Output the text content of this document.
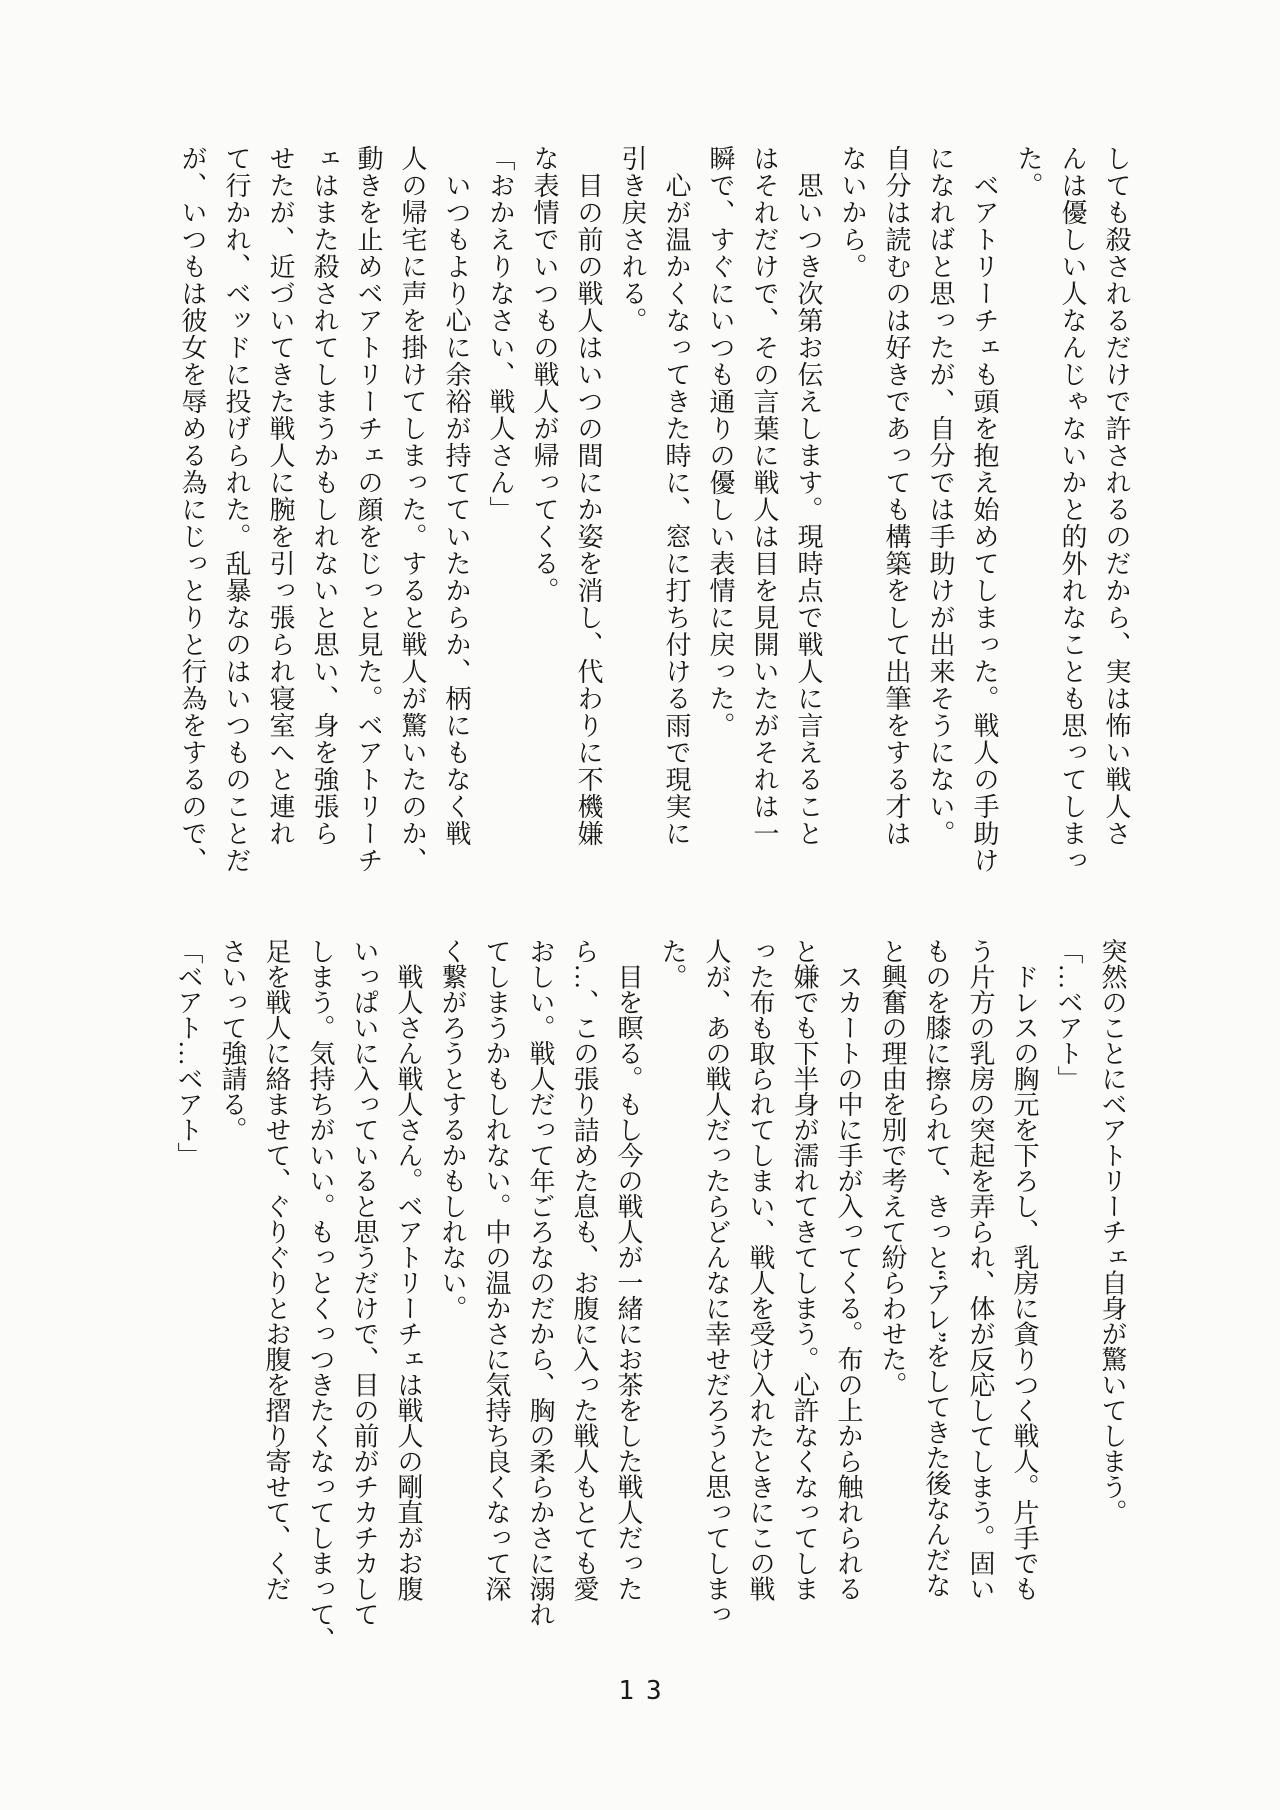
しても殺されるだけで許されるのだから、実は怖い戦人さ
んは優しい人なんじゃないかと的外れなことも思ってしまっ
た。
　ベアトリーチェも頭を抱え始めてしまった。戦人の手助け
になればと思ったが、自分では手助けが出来そうにない。
自分は読むのは好きであっても構築をして出筆をする才は
ないから。
　思いつき次第お伝えします。現時点で戦人に言えること
はそれだけで、その言葉に戦人は目を見開いたがそれは一
瞬で、すぐにいつも通りの優しい表情に戻った。
　心が温かくなってきた時に、窓に打ち付ける雨で現実に
引き戻される。
　目の前の戦人はいつの間にか姿を消し、代わりに不機嫌
な表情でいつもの戦人が帰ってくる。
「おかえりなさい、戦人さん」
　いつもより心に余裕が持てていたからか、柄にもなく戦
人の帰宅に声を掛けてしまった。すると戦人が驚いたのか、
動きを止めベアトリーチェの顔をじっと見た。ベアトリーチ
ェはまた殺されてしまうかもしれないと思い、身を強張ら
せたが、近づいてきた戦人に腕を引っ張られ寝室へと連れ
て行かれ、ベッドに投げられた。乱暴なのはいつものことだ
が、いつもは彼女を辱める為にじっとりと行為をするので、
突然のことにベアトリーチェ自身が驚いてしまう。
「…ベアト」
　ドレスの胸元を下ろし、乳房に貪りつく戦人。片手でも
う片方の乳房の突起を弄られ、体が反応してしまう。固い
ものを膝に擦られて、きっと“アレ”をしてきた後なんだな
と興奮の理由を別で考えて紛らわせた。
　スカートの中に手が入ってくる。布の上から触れられる
と嫌でも下半身が濡れてきてしまう。心許なくなってしま
った布も取られてしまい、戦人を受け入れたときにこの戦
人が、あの戦人だったらどんなに幸せだろうと思ってしまっ
た。
　目を瞑る。もし今の戦人が一緒にお茶をした戦人だった
ら…、この張り詰めた息も、お腹に入った戦人もとても愛
おしい。戦人だって年ごろなのだから、胸の柔らかさに溺れ
てしまうかもしれない。中の温かさに気持ち良くなって深
く繋がろうとするかもしれない。
　戦人さん戦人さん。ベアトリーチェは戦人の剛直がお腹
いっぱいに入っていると思うだけで、目の前がチカチカして
しまう。気持ちがいい。もっとくっつきたくなってしまって、
足を戦人に絡ませて、ぐりぐりとお腹を摺り寄せて、くだ
さいって強請る。
「ベアト…ベアト」
13
